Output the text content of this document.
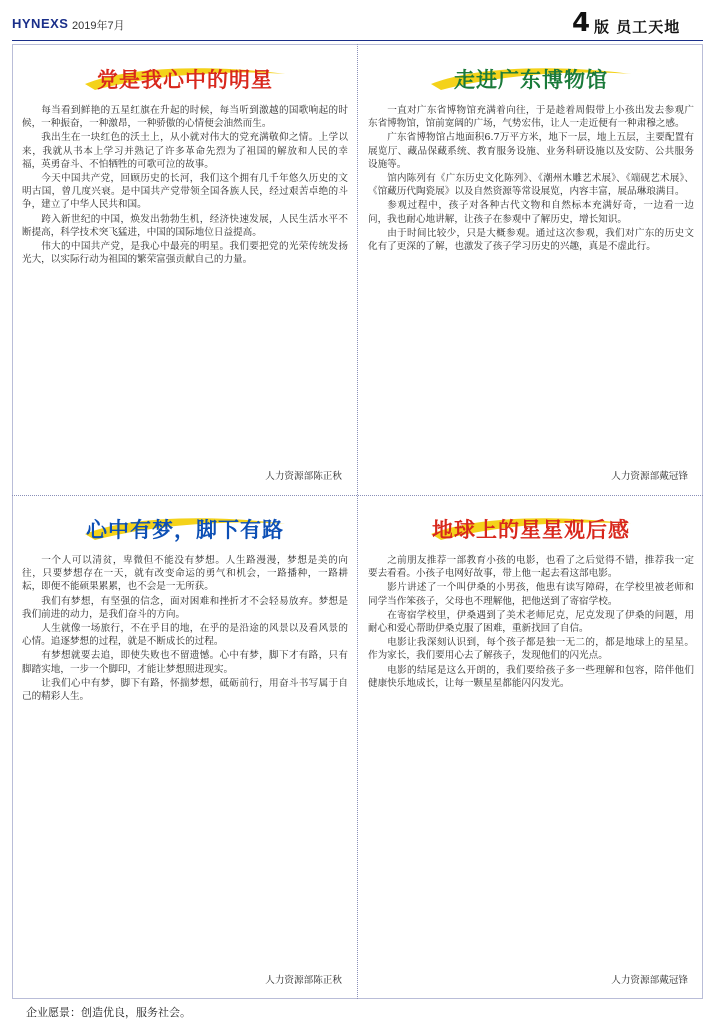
HYNEXS 2019年7月	4 版 员工天地
党是我心中的明星

每当看到鲜艳的五星红旗在升起的时候，每当听到激越的国歌响起的时候，一种振奋，一种激昂，一种骄傲的心情便会油然而生。

我出生在一块红色的沃土上，从小就对伟大的党充满敬仰之情。上学以来，我就从书本上学习并熟记了许多革命先烈为了祖国的解放和人民的幸福，英勇奋斗、不怕牺牲的可歌可泣的故事。

今天中国共产党，回顾历史的长河，我们这个拥有几千年悠久历史的文明古国，曾几度兴衰。是中国共产党带领全国各族人民，经过艰苦卓绝的斗争，建立了中华人民共和国。

跨入新世纪的中国，焕发出勃勃生机，经济快速发展，人民生活水平不断提高，科学技术突飞猛进，中国的国际地位日益提高。

伟大的中国共产党，是我心中最亮的明星。我们要把党的光荣传统发扬光大，以实际行动为祖国的繁荣富强贡献自己的力量。

人力资源部陈正秋
走进广东博物馆

一直对广东省博物馆充满着向往，于是趁着周假带上小孩出发去参观广东省博物馆，馆前宽阔的广场，气势宏伟，让人一走近便有一种肃穆之感。

广东省博物馆占地面积6.7万平方米，地下一层，地上五层，主要配置有展览厅、藏品保藏系统、教育服务设施、业务科研设施以及安防、公共服务设施等。

馆内陈列有《广东历史文化陈列》、《潮州木雕艺术展》、《端砚艺术展》、《馆藏历代陶瓷展》以及自然资源等常设展览，内容丰富，展品琳琅满目。

参观过程中，孩子对各种古代文物和自然标本充满好奇，一边看一边问，我也耐心地讲解，让孩子在参观中了解历史，增长知识。

由于时间比较少，只是大概参观。通过这次参观，我们对广东的历史文化有了更深的了解，也激发了孩子学习历史的兴趣，真是不虚此行。

人力资源部戴冠锋
心中有梦，脚下有路

一个人可以清贫，卑微但不能没有梦想。人生路漫漫，梦想是美的向往，只要梦想存在一天，就有改变命运的勇气和机会，一路播种，一路耕耘，即便不能硕果累累，也不会是一无所获。

我们有梦想，有坚强的信念，面对困难和挫折才不会轻易放弃。梦想是我们前进的动力，是我们奋斗的方向。

人生就像一场旅行，不在乎目的地，在乎的是沿途的风景以及看风景的心情。追逐梦想的过程，就是不断成长的过程。

有梦想就要去追，即使失败也不留遗憾。心中有梦，脚下才有路，只有脚踏实地，一步一个脚印，才能让梦想照进现实。

让我们心中有梦，脚下有路，怀揣梦想，砥砺前行，用奋斗书写属于自己的精彩人生。

人力资源部陈正秋
地球上的星星观后感

之前朋友推荐一部教育小孩的电影，也看了之后觉得不错，推荐我一定要去看看。小孩子电网好故事，带上他一起去看这部电影。

影片讲述了一个叫伊桑的小男孩，他患有读写障碍，在学校里被老师和同学当作笨孩子，父母也不理解他，把他送到了寄宿学校。

在寄宿学校里，伊桑遇到了美术老师尼克，尼克发现了伊桑的问题，用耐心和爱心帮助伊桑克服了困难，重新找回了自信。

电影让我深刻认识到，每个孩子都是独一无二的，都是地球上的星星。作为家长，我们要用心去了解孩子，发现他们的闪光点。

电影的结尾是这么开朗的，我们要给孩子多一些理解和包容，陪伴他们健康快乐地成长，让每一颗星星都能闪闪发光。

人力资源部戴冠锋
企业愿景：创造优良，服务社会。
